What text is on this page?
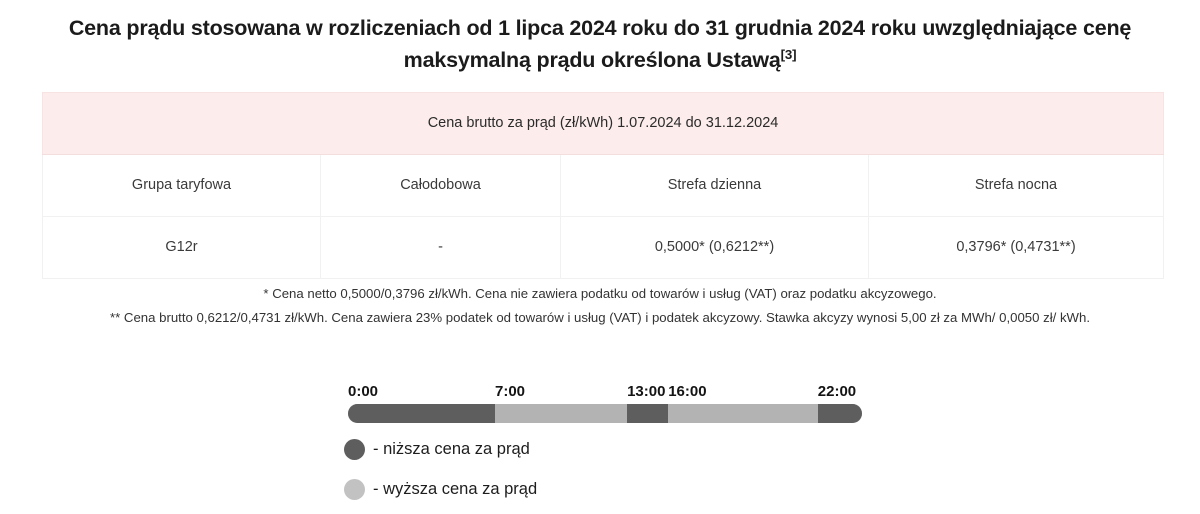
Cena prądu stosowana w rozliczeniach od 1 lipca 2024 roku do 31 grudnia 2024 roku uwzględniające cenę maksymalną prądu określona Ustawą[3]
Cena brutto za prąd (zł/kWh) 1.07.2024 do 31.12.2024			
Grupa taryfowa	Całodobowa	Strefa dzienna	Strefa nocna
G12r	-	0,5000* (0,6212**)	0,3796* (0,4731**)
* Cena netto 0,5000/0,3796 zł/kWh. Cena nie zawiera podatku od towarów i usług (VAT) oraz podatku akcyzowego.
** Cena brutto 0,6212/0,4731 zł/kWh. Cena zawiera 23% podatek od towarów i usług (VAT) i podatek akcyzowy. Stawka akcyzy wynosi 5,00 zł za MWh/ 0,0050 zł/ kWh.
0:00	7:00	13:00 16:00	22:00
- niższa cena za prąd
- wyższa cena za prąd
